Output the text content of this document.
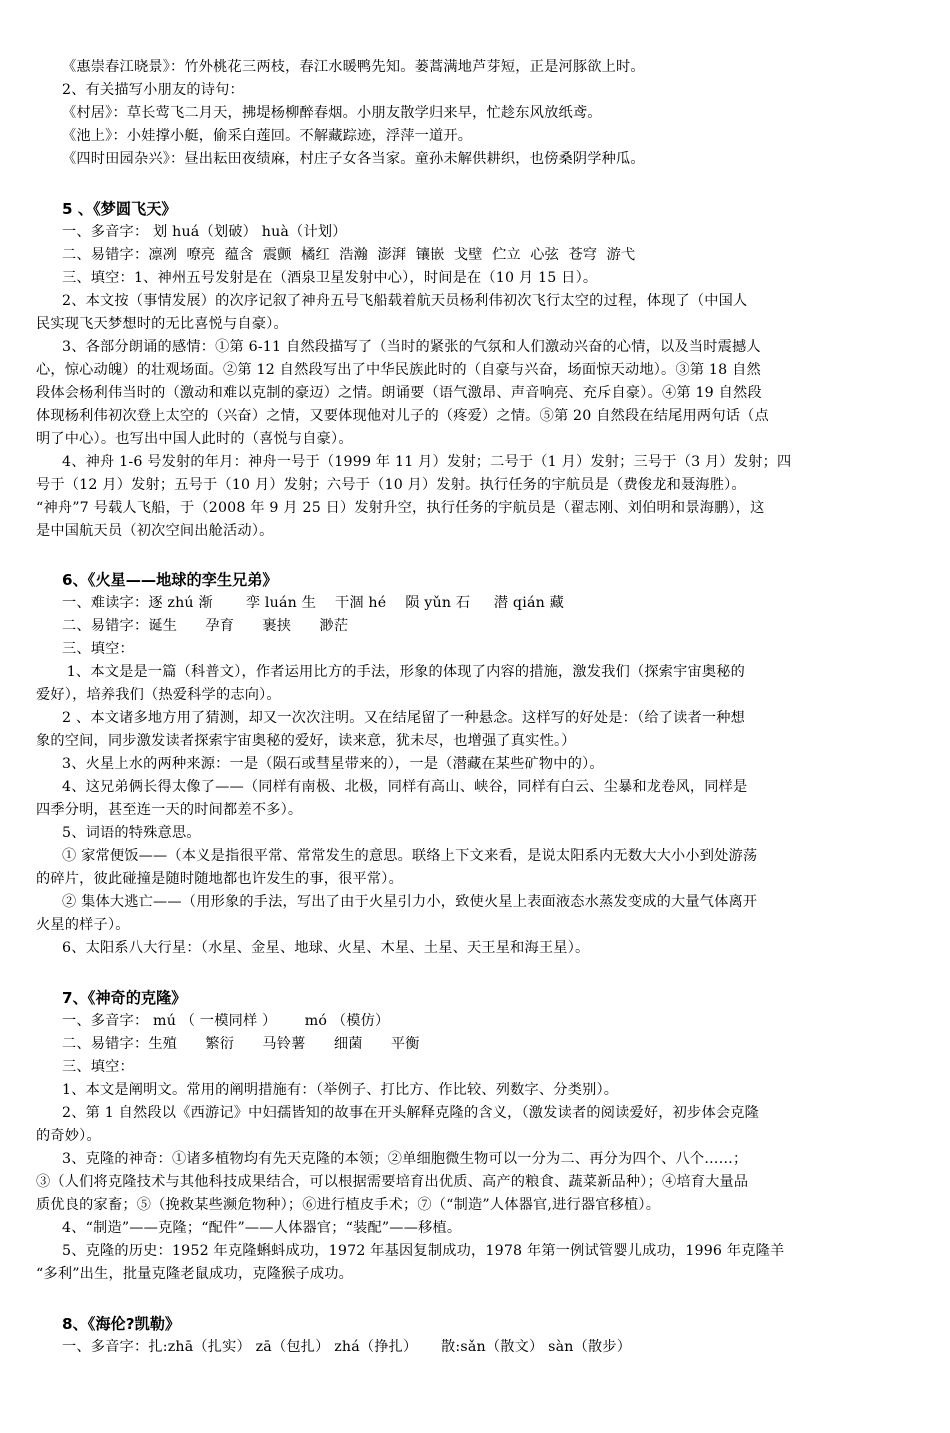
《惠崇春江晓景》：竹外桃花三两枝，春江水暖鸭先知。蒌蒿满地芦芽短，正是河豚欲上时。
2、有关描写小朋友的诗句：
《村居》：草长莺飞二月天，拂堤杨柳醉春烟。小朋友散学归来早，忙趁东风放纸鸢。
《池上》：小娃撑小艇，偷采白莲回。不解藏踪迹，浮萍一道开。
《四时田园杂兴》：昼出耘田夜绩麻，村庄子女各当家。童孙未解供耕织，也傍桑阴学种瓜。
5 、《梦圆飞天》
一、多音字： 划 huá（划破） huà（计划）
二、易错字：凛冽  嘹亮  蕴含  震颤  橘红  浩瀚  澎湃  镶嵌  戈壁  伫立  心弦  苍穹  游弋
三、填空：1、神州五号发射是在（酒泉卫星发射中心），时间是在（10 月 15 日）。
2、本文按（事情发展）的次序记叙了神舟五号飞船载着航天员杨利伟初次飞行太空的过程，体现了（中国人
民实现飞天梦想时的无比喜悦与自豪）。
3、各部分朗诵的感情：①第 6-11 自然段描写了（当时的紧张的气氛和人们激动兴奋的心情，以及当时震撼人
心，惊心动魄）的壮观场面。②第 12 自然段写出了中华民族此时的（自豪与兴奋，场面惊天动地）。③第 18 自然
段体会杨利伟当时的（激动和难以克制的豪迈）之情。朗诵要（语气激昂、声音响亮、充斥自豪）。④第 19 自然段
体现杨利伟初次登上太空的（兴奋）之情，又要体现他对儿子的（疼爱）之情。⑤第 20 自然段在结尾用两句话（点
明了中心）。也写出中国人此时的（喜悦与自豪）。
4、神舟 1-6 号发射的年月：神舟一号于（1999 年 11 月）发射；二号于（1 月）发射；三号于（3 月）发射；四
号于（12 月）发射；五号于（10 月）发射；六号于（10 月）发射。执行任务的宇航员是（费俊龙和聂海胜）。
“神舟”7 号载人飞船，于（2008 年 9 月 25 日）发射升空，执行任务的宇航员是（翟志刚、刘伯明和景海鹏），这
是中国航天员（初次空间出舱活动）。
6、《火星——地球的孪生兄弟》
一、难读字：逐 zhú 渐       孪 luán 生    干涸 hé    陨 yǔn 石     潜 qián 藏
二、易错字：诞生      孕育      裹挟      渺茫
三、填空：
1、本文是是一篇（科普文），作者运用比方的手法，形象的体现了内容的措施，激发我们（探索宇宙奥秘的
爱好），培养我们（热爱科学的志向）。
2 、本文诸多地方用了猜测，却又一次次注明。又在结尾留了一种悬念。这样写的好处是：（给了读者一种想
象的空间，同步激发读者探索宇宙奥秘的爱好，读来意，犹未尽，也增强了真实性。）
3、火星上水的两种来源：一是（陨石或彗星带来的），一是（潜藏在某些矿物中的）。
4、这兄弟俩长得太像了——（同样有南极、北极，同样有高山、峡谷，同样有白云、尘暴和龙卷风，同样是
四季分明，甚至连一天的时间都差不多）。
5、词语的特殊意思。
① 家常便饭——（本义是指很平常、常常发生的意思。联络上下文来看，是说太阳系内无数大大小小到处游荡
的碎片，彼此碰撞是随时随地都也许发生的事，很平常）。
② 集体大逃亡——（用形象的手法，写出了由于火星引力小，致使火星上表面液态水蒸发变成的大量气体离开
火星的样子）。
6、太阳系八大行星：（水星、金星、地球、火星、木星、土星、天王星和海王星）。
7、《神奇的克隆》
一、多音字： mú （ 一模同样 ）      mó （模仿）
二、易错字：生殖      繁衍      马铃薯      细菌      平衡
三、填空：
1、本文是阐明文。常用的阐明措施有：（举例子、打比方、作比较、列数字、分类别）。
2、第 1 自然段以《西游记》中妇孺皆知的故事在开头解释克隆的含义，（激发读者的阅读爱好，初步体会克隆
的奇妙）。
3、克隆的神奇：①诸多植物均有先天克隆的本领；②单细胞微生物可以一分为二、再分为四个、八个……；
③（人们将克隆技术与其他科技成果结合，可以根据需要培育出优质、高产的粮食、蔬菜新品种）；④培育大量品
质优良的家畜；⑤（挽救某些濒危物种）；⑥进行植皮手术；⑦（“制造”人体器官,进行器官移植）。
4、“制造”——克隆；“配件”——人体器官；“装配”——移植。
5、克隆的历史：1952 年克隆蝌蚪成功，1972 年基因复制成功，1978 年第一例试管婴儿成功，1996 年克隆羊
“多利”出生，批量克隆老鼠成功，克隆猴子成功。
8、《海伦?凯勒》
一、多音字：扎:zhā（扎实） zā（包扎） zhá（挣扎）     散:sǎn（散文） sàn（散步）
